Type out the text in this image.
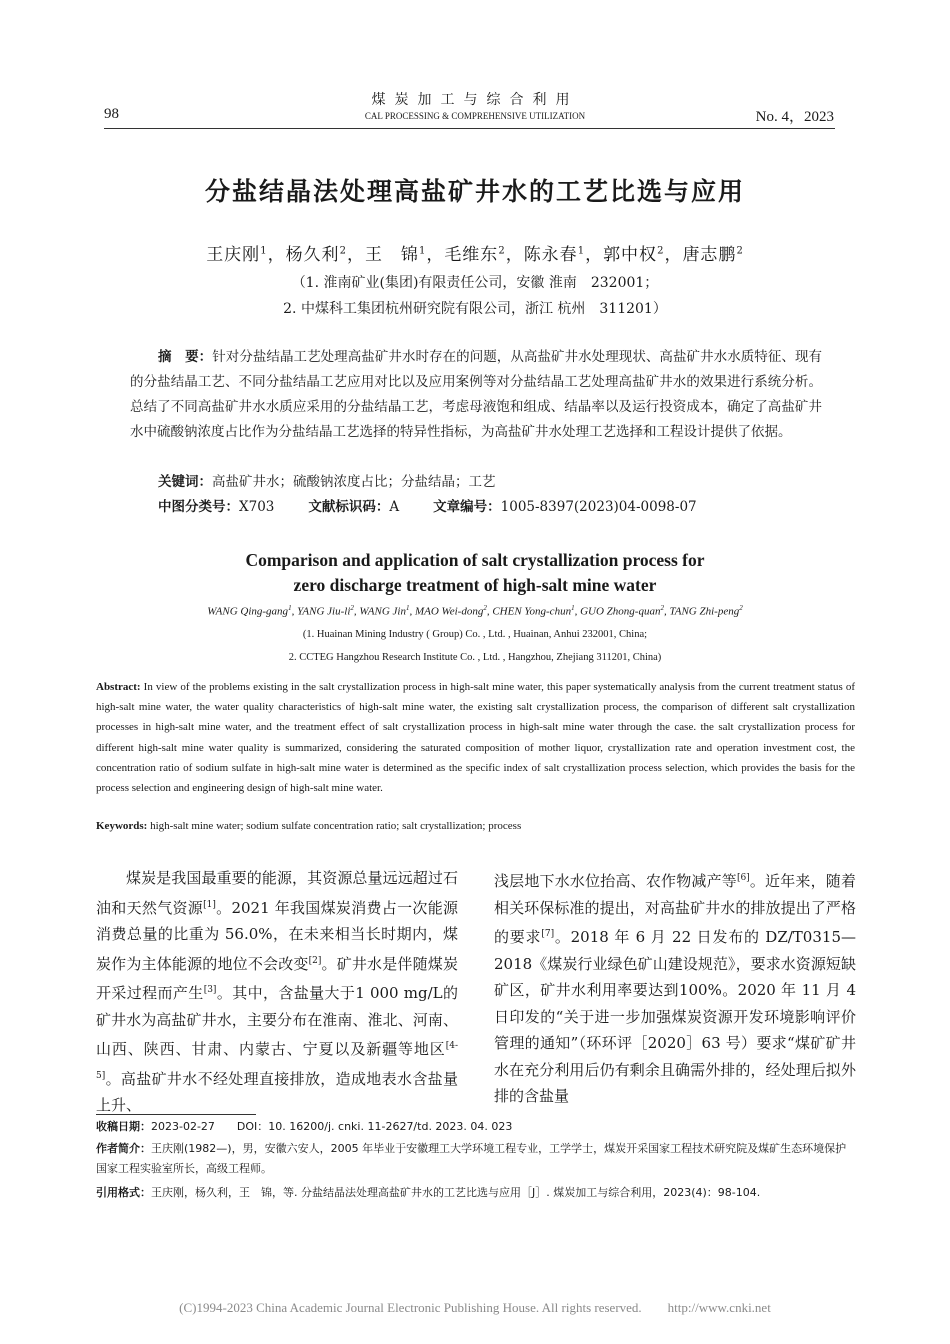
98
煤炭加工与综合利用
CAL PROCESSING & COMPREHENSIVE UTILIZATION	No. 4，2023
分盐结晶法处理高盐矿井水的工艺比选与应用
王庆刚$^1$，杨久利$^2$，王　锦$^1$，毛维东$^2$，陈永春$^1$，郭中权$^2$，唐志鹏$^2$
（1. 淮南矿业(集团)有限责任公司，安徽 淮南　232001；
2. 中煤科工集团杭州研究院有限公司，浙江 杭州　311201）
摘　要：针对分盐结晶工艺处理高盐矿井水时存在的问题，从高盐矿井水处理现状、高盐矿井水水质特征、现有的分盐结晶工艺、不同分盐结晶工艺应用对比以及应用案例等对分盐结晶工艺处理高盐矿井水的效果进行系统分析。总结了不同高盐矿井水水质应采用的分盐结晶工艺，考虑母液饱和组成、结晶率以及运行投资成本，确定了高盐矿井水中硫酸钠浓度占比作为分盐结晶工艺选择的特异性指标，为高盐矿井水处理工艺选择和工程设计提供了依据。
关键词：高盐矿井水；硫酸钠浓度占比；分盐结晶；工艺
中图分类号：X703	文献标识码：A	文章编号：1005-8397(2023)04-0098-07
Comparison and application of salt crystallization process for
zero discharge treatment of high-salt mine water
WANG Qing-gang$^1$, YANG Jiu-$li^2$, WANG Jin$^1$, MAO Wei-dong$^2$, CHEN Yong-chun$^1$, GUO Zhong-quan$^2$, TANG Zhi-peng$^2$
(1. Huainan Mining Industry ( Group) Co. , Ltd. , Huainan, Anhui 232001, China;
2. CCTEG Hangzhou Research Institute Co. , Ltd. , Hangzhou, Zhejiang 311201, China)
Abstract: In view of the problems existing in the salt crystallization process in high-salt mine water, this paper systematically analysis from the current treatment status of high-salt mine water, the water quality characteristics of high-salt mine water, the existing salt crystallization process, the comparison of different salt crystallization processes in high-salt mine water, and the treatment effect of salt crystallization process in high-salt mine water through the case. the salt crystallization process for different high-salt mine water quality is summarized, considering the saturated composition of mother liquor, crystallization rate and operation investment cost, the concentration ratio of sodium sulfate in high-salt mine water is determined as the specific index of salt crystallization process selection, which provides the basis for the process selection and engineering design of high-salt mine water.
Keywords: high-salt mine water; sodium sulfate concentration ratio; salt crystallization; process
煤炭是我国最重要的能源，其资源总量远远超过石油和天然气资源[1]。2021 年我国煤炭消费占一次能源消费总量的比重为 56.0%，在未来相当长时期内，煤炭作为主体能源的地位不会改变[2]。矿井水是伴随煤炭开采过程而产生[3]。其中，含盐量大于1 000 mg/L的矿井水为高盐矿井水，主要分布在淮南、淮北、河南、山西、陕西、甘肃、内蒙古、宁夏以及新疆等地区[4-5]。高盐矿井水不经处理直接排放，造成地表水含盐量上升、
浅层地下水水位抬高、农作物减产等[6]。近年来，随着相关环保标准的提出，对高盐矿井水的排放提出了严格的要求[7]。2018 年 6 月 22 日发布的 DZ/T0315—2018《煤炭行业绿色矿山建设规范》，要求水资源短缺矿区，矿井水利用率要达到100%。2020 年 11 月 4 日印发的“关于进一步加强煤炭资源开发环境影响评价管理的通知”（环环评［2020］63 号）要求“煤矿矿井水在充分利用后仍有剩余且确需外排的，经处理后拟外排的含盐量
收稿日期：2023-02-27　　DOI：10. 16200/j. cnki. 11-2627/td. 2023. 04. 023
作者简介：王庆刚(1982—)，男，安徽六安人，2005 年毕业于安徽理工大学环境工程专业，工学学士，煤炭开采国家工程技术研究院及煤矿生态环境保护国家工程实验室所长，高级工程师。
引用格式：王庆刚，杨久利，王　锦，等. 分盐结晶法处理高盐矿井水的工艺比选与应用［J］. 煤炭加工与综合利用，2023(4)：98-104.
(C)1994-2023 China Academic Journal Electronic Publishing House. All rights reserved.　　http://www.cnki.net
